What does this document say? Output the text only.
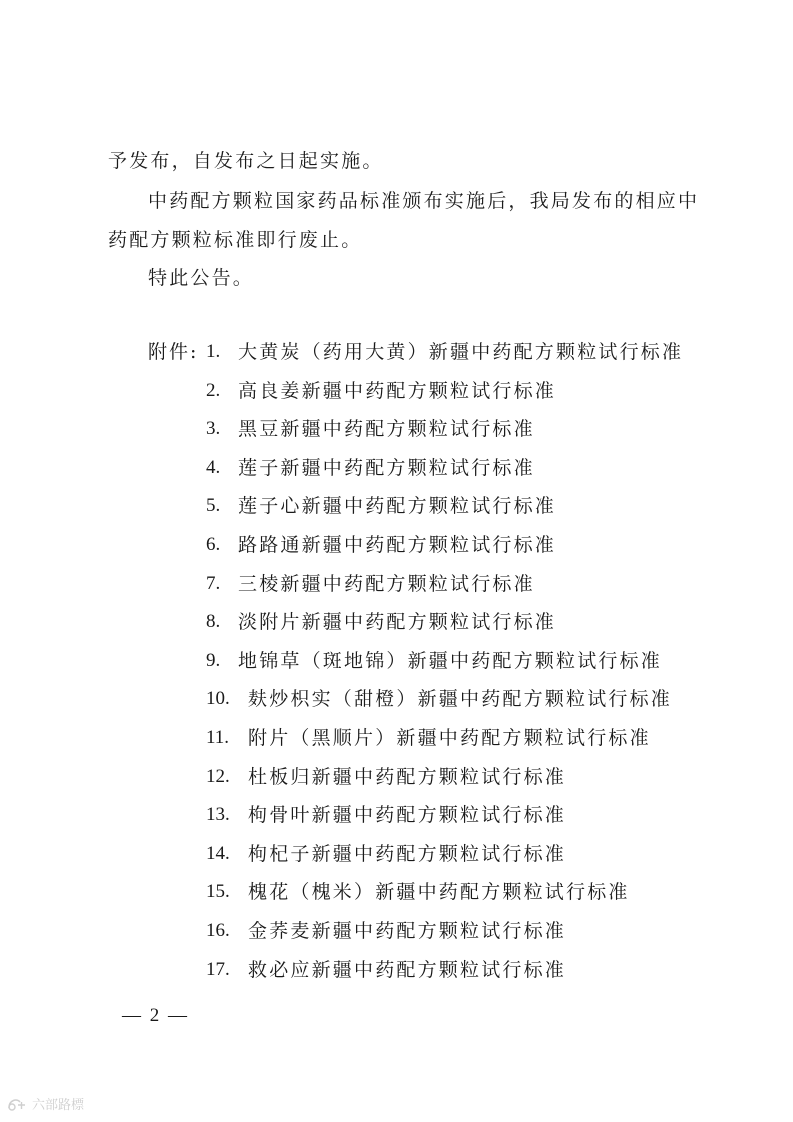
予发布，自发布之日起实施。
中药配方颗粒国家药品标准颁布实施后，我局发布的相应中
药配方颗粒标准即行废止。
特此公告。
附件: 1. 大黄炭（药用大黄）新疆中药配方颗粒试行标准
2. 高良姜新疆中药配方颗粒试行标准
3. 黑豆新疆中药配方颗粒试行标准
4. 莲子新疆中药配方颗粒试行标准
5. 莲子心新疆中药配方颗粒试行标准
6. 路路通新疆中药配方颗粒试行标准
7. 三棱新疆中药配方颗粒试行标准
8. 淡附片新疆中药配方颗粒试行标准
9. 地锦草（斑地锦）新疆中药配方颗粒试行标准
10. 麸炒枳实（甜橙）新疆中药配方颗粒试行标准
11. 附片（黑顺片）新疆中药配方颗粒试行标准
12. 杜板归新疆中药配方颗粒试行标准
13. 枸骨叶新疆中药配方颗粒试行标准
14. 枸杞子新疆中药配方颗粒试行标准
15. 槐花（槐米）新疆中药配方颗粒试行标准
16. 金荞麦新疆中药配方颗粒试行标准
17. 救必应新疆中药配方颗粒试行标准
— 2 —
六部路標
